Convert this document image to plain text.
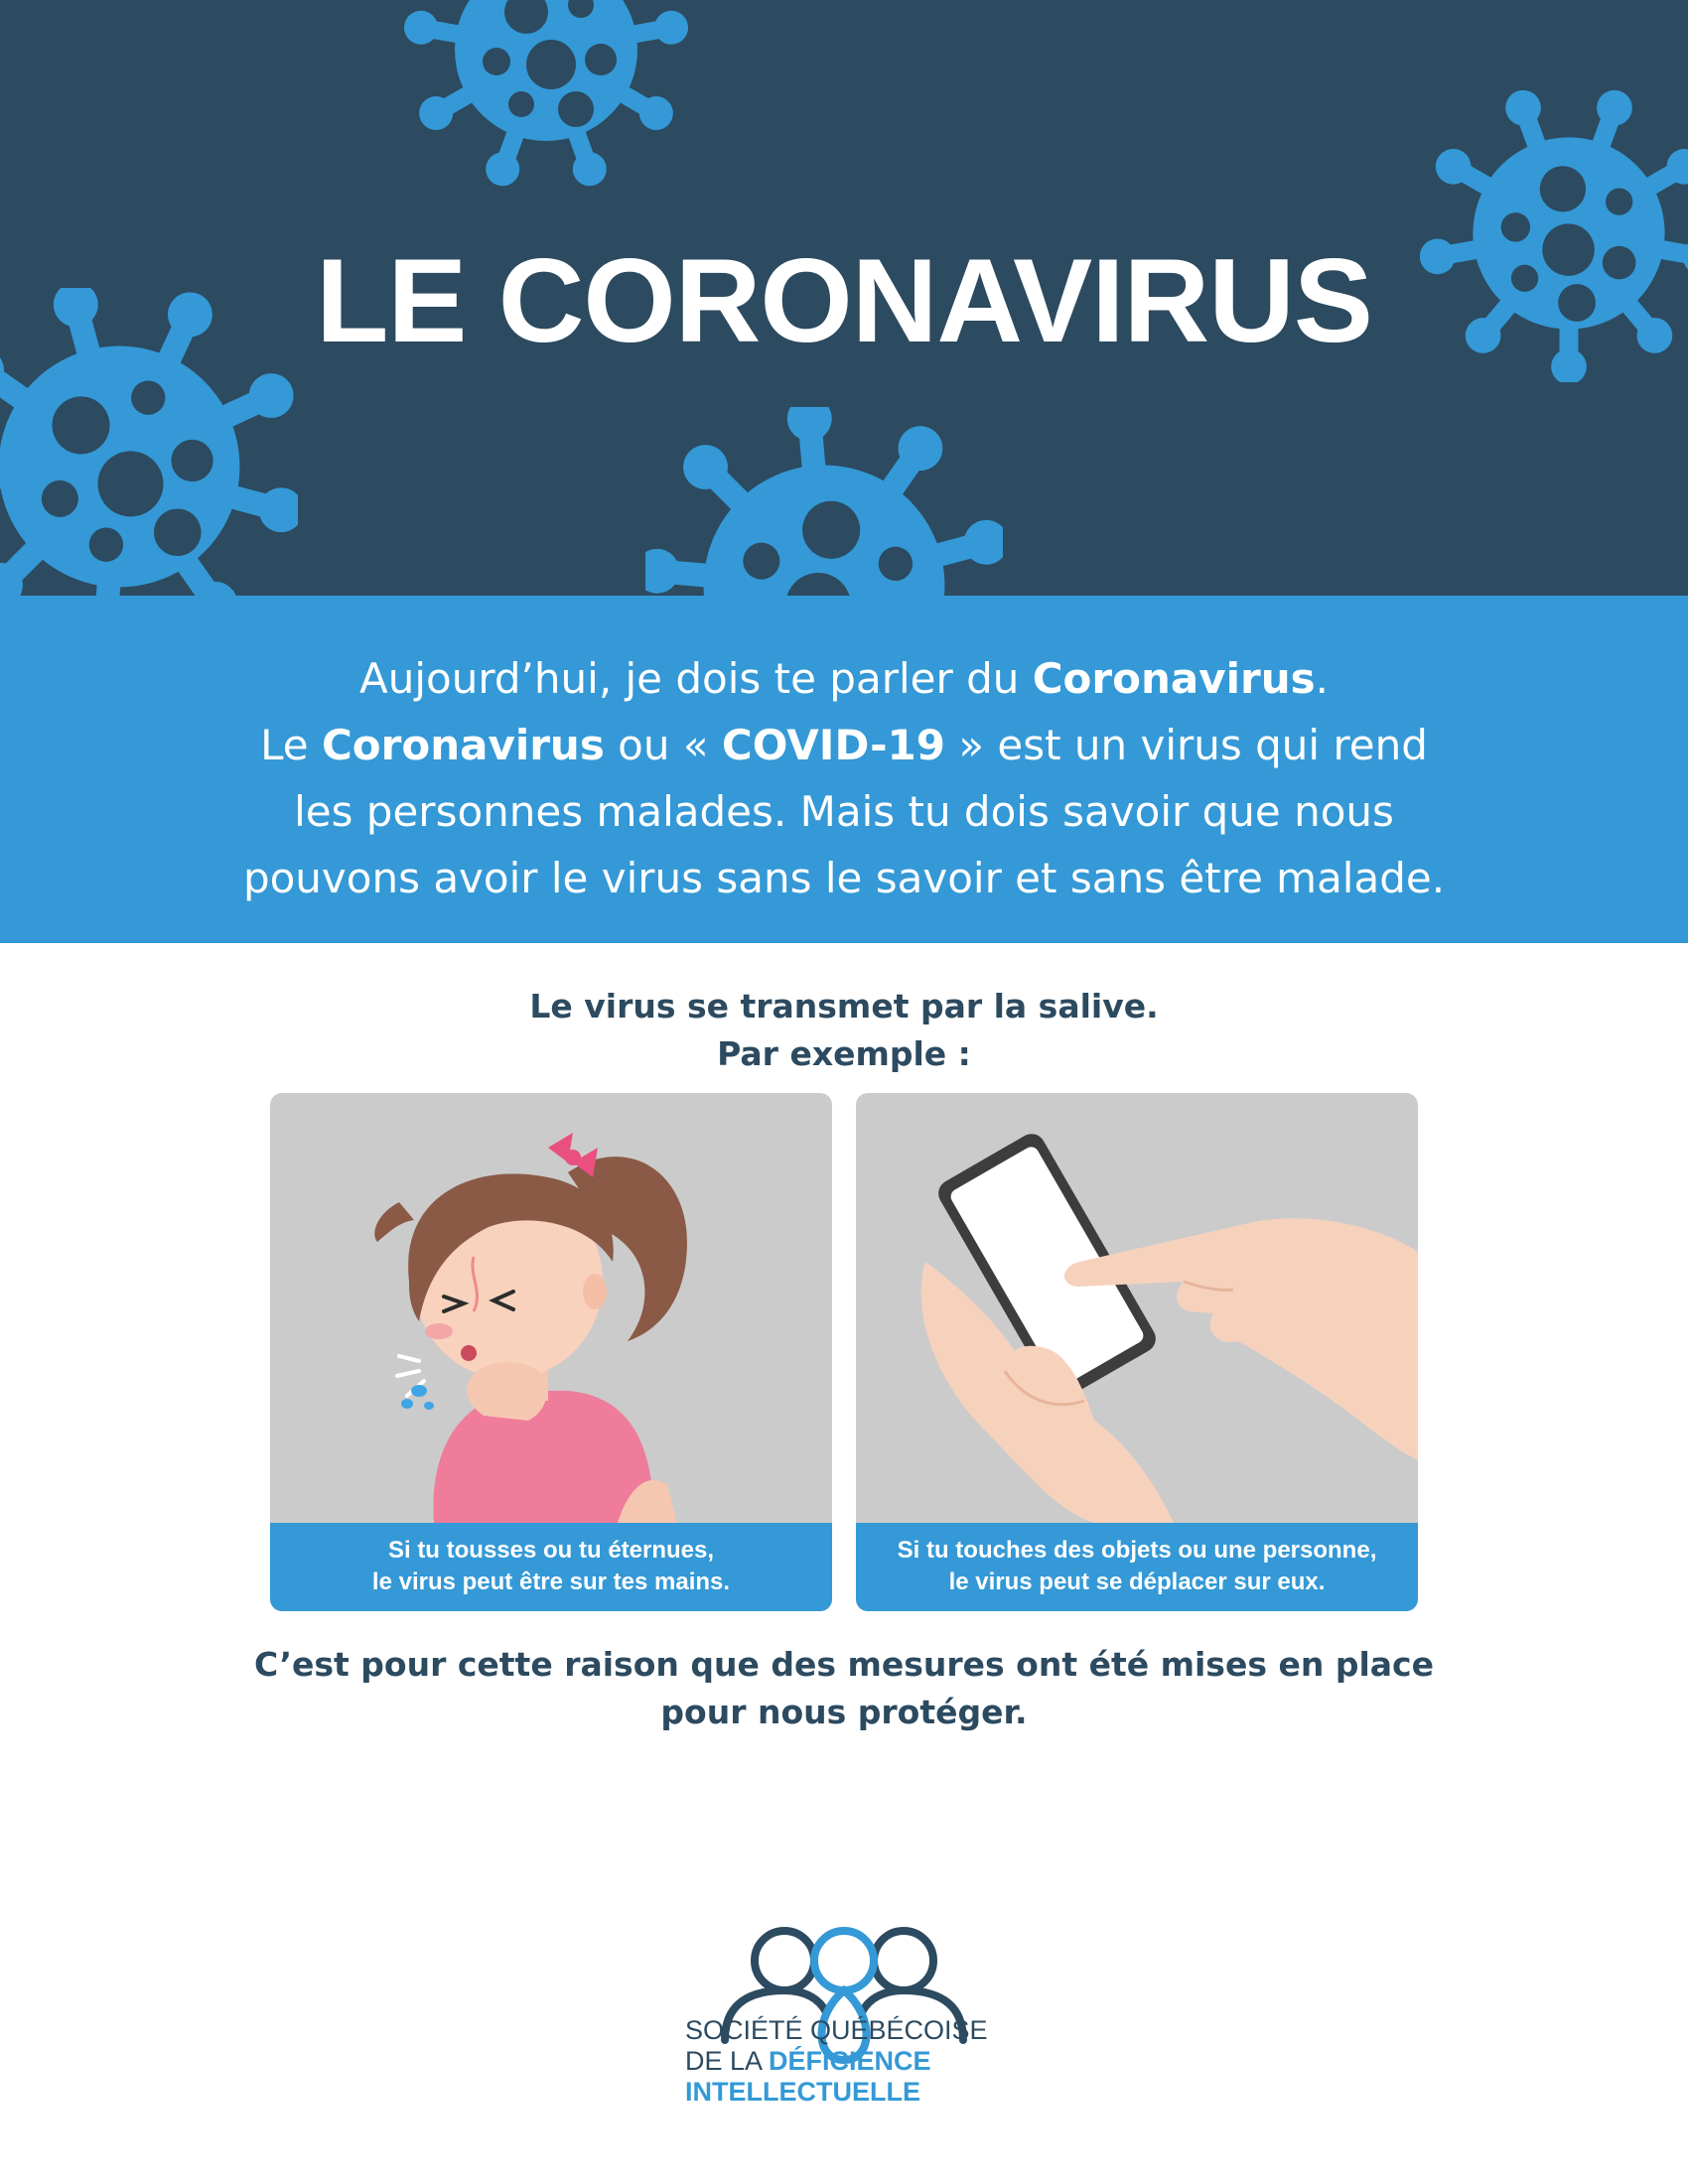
LE CORONAVIRUS
Aujourd’hui, je dois te parler du Coronavirus.
Le Coronavirus ou « COVID-19 » est un virus qui rend
les personnes malades. Mais tu dois savoir que nous
pouvons avoir le virus sans le savoir et sans être malade.
Le virus se transmet par la salive.
Par exemple :
Si tu tousses ou tu éternues,
le virus peut être sur tes mains.
Si tu touches des objets ou une personne,
le virus peut se déplacer sur eux.
C’est pour cette raison que des mesures ont été mises en place
pour nous protéger.
SOCIÉTÉ QUÉBÉCOISE
DE LA DÉFICIENCE
INTELLECTUELLE
